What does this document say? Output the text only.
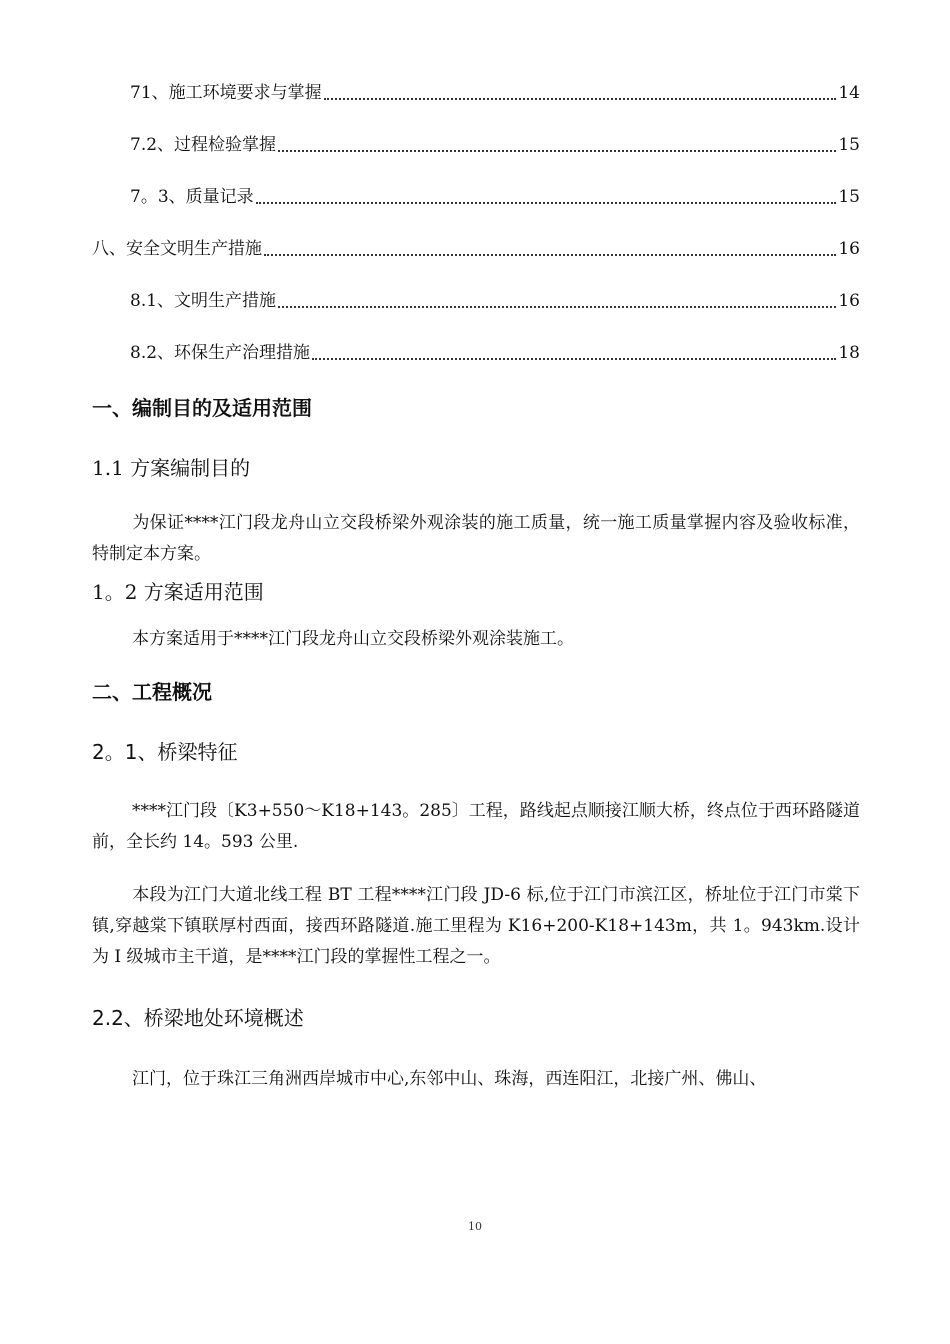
71、施工环境要求与掌握	14
7.2、过程检验掌握	15
7。3、质量记录	15
八、安全文明生产措施	16
8.1、文明生产措施	16
8.2、环保生产治理措施	18
一、编制目的及适用范围
1.1 方案编制目的
为保证****江门段龙舟山立交段桥梁外观涂装的施工质量，统一施工质量掌握内容及验收标准，特制定本方案。
1。2 方案适用范围
本方案适用于****江门段龙舟山立交段桥梁外观涂装施工。
二、工程概况
2。1、桥梁特征
****江门段〔K3+550～K18+143。285〕工程，路线起点顺接江顺大桥，终点位于西环路隧道前，全长约 14。593 公里.
本段为江门大道北线工程 BT 工程****江门段 JD-6 标,位于江门市滨江区，桥址位于江门市棠下镇,穿越棠下镇联厚村西面，接西环路隧道.施工里程为 K16+200-K18+143m，共 1。943km.设计为 I 级城市主干道，是****江门段的掌握性工程之一。
2.2、桥梁地处环境概述
江门，位于珠江三角洲西岸城市中心,东邻中山、珠海，西连阳江，北接广州、佛山、
10
